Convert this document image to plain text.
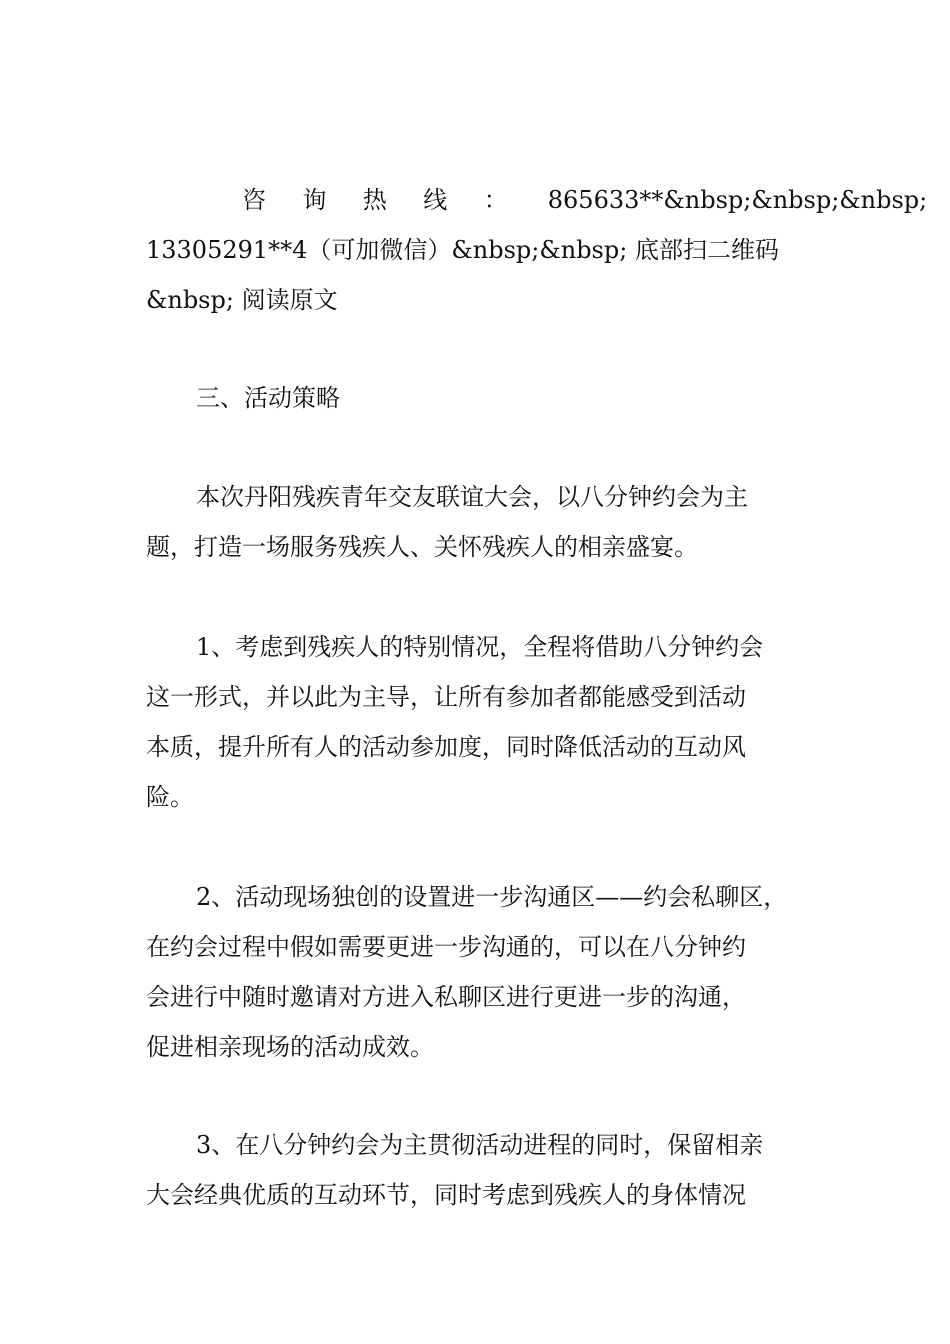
咨 询 热 线 ： 865633**&nbsp;&nbsp;&nbsp;
13305291**4（可加微信）&nbsp;&nbsp; 底部扫二维码
&nbsp; 阅读原文
三、活动策略
本次丹阳残疾青年交友联谊大会，以八分钟约会为主
题，打造一场服务残疾人、关怀残疾人的相亲盛宴。
1、考虑到残疾人的特别情况，全程将借助八分钟约会
这一形式，并以此为主导，让所有参加者都能感受到活动
本质，提升所有人的活动参加度，同时降低活动的互动风
险。
2、活动现场独创的设置进一步沟通区——约会私聊区，
在约会过程中假如需要更进一步沟通的，可以在八分钟约
会进行中随时邀请对方进入私聊区进行更进一步的沟通，
促进相亲现场的活动成效。
3、在八分钟约会为主贯彻活动进程的同时，保留相亲
大会经典优质的互动环节，同时考虑到残疾人的身体情况
